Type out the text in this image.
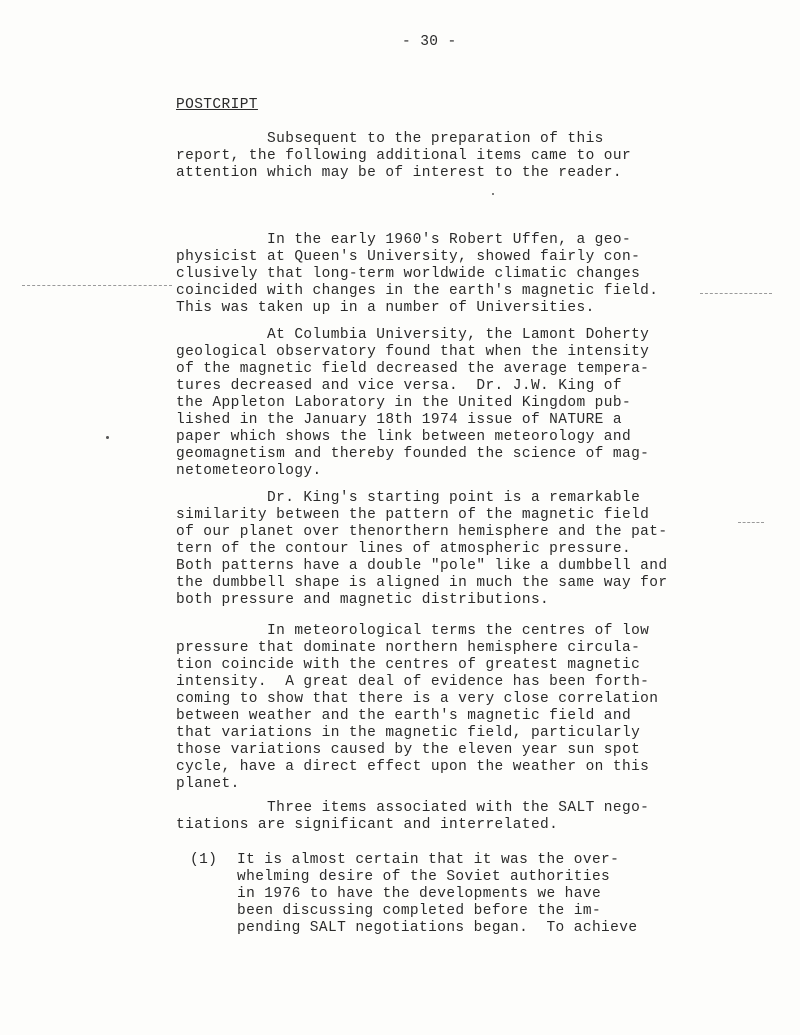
- 30 -
POSTCRIPT

Subsequent to the preparation of this
report, the following additional items came to our
attention which may be of interest to the reader.

In the early 1960's Robert Uffen, a geo-
physicist at Queen's University, showed fairly con-
clusively that long-term worldwide climatic changes
coincided with changes in the earth's magnetic field.
This was taken up in a number of Universities.

At Columbia University, the Lamont Doherty
geological observatory found that when the intensity
of the magnetic field decreased the average tempera-
tures decreased and vice versa.  Dr. J.W. King of
the Appleton Laboratory in the United Kingdom pub-
lished in the January 18th 1974 issue of NATURE a
paper which shows the link between meteorology and
geomagnetism and thereby founded the science of mag-
netometeorology.

Dr. King's starting point is a remarkable
similarity between the pattern of the magnetic field
of our planet over thenorthern hemisphere and the pat-
tern of the contour lines of atmospheric pressure.
Both patterns have a double "pole" like a dumbbell and
the dumbbell shape is aligned in much the same way for
both pressure and magnetic distributions.

In meteorological terms the centres of low
pressure that dominate northern hemisphere circula-
tion coincide with the centres of greatest magnetic
intensity.  A great deal of evidence has been forth-
coming to show that there is a very close correlation
between weather and the earth's magnetic field and
that variations in the magnetic field, particularly
those variations caused by the eleven year sun spot
cycle, have a direct effect upon the weather on this
planet.

Three items associated with the SALT nego-
tiations are significant and interrelated.

(1) It is almost certain that it was the over-
whelming desire of the Soviet authorities
in 1976 to have the developments we have
been discussing completed before the im-
pending SALT negotiations began.  To achieve
